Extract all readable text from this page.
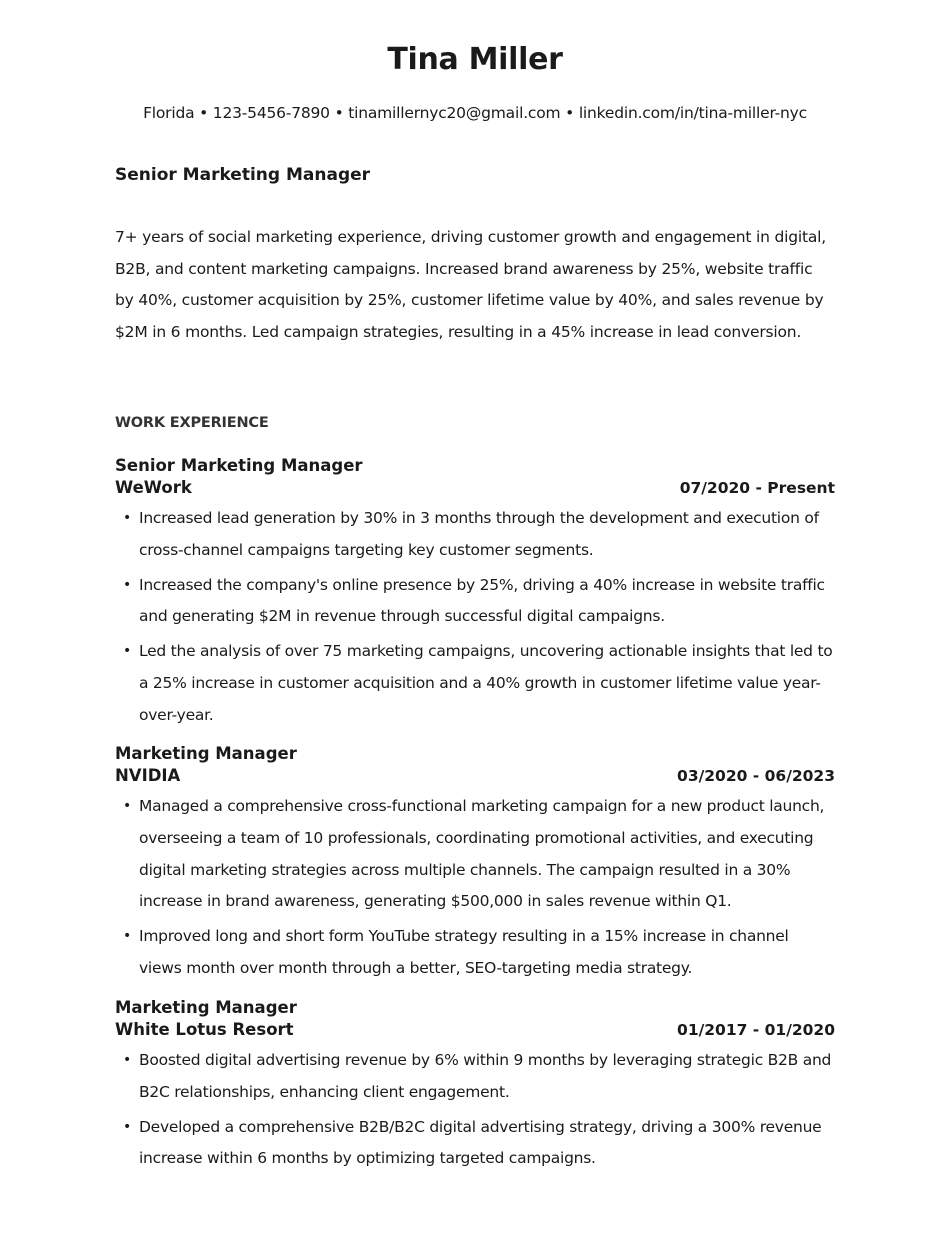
Tina Miller
Florida • 123-5456-7890 • tinamillernyc20@gmail.com • linkedin.com/in/tina-miller-nyc
Senior Marketing Manager

7+ years of social marketing experience, driving customer growth and engagement in digital, B2B, and content marketing campaigns. Increased brand awareness by 25%, website traffic by 40%, customer acquisition by 25%, customer lifetime value by 40%, and sales revenue by $2M in 6 months. Led campaign strategies, resulting in a 45% increase in lead conversion.

WORK EXPERIENCE
Senior Marketing Manager
WeWork	07/2020 - Present
• Increased lead generation by 30% in 3 months through the development and execution of cross-channel campaigns targeting key customer segments.
• Increased the company's online presence by 25%, driving a 40% increase in website traffic and generating $2M in revenue through successful digital campaigns.
• Led the analysis of over 75 marketing campaigns, uncovering actionable insights that led to a 25% increase in customer acquisition and a 40% growth in customer lifetime value year-over-year.
Marketing Manager
NVIDIA	03/2020 - 06/2023
• Managed a comprehensive cross-functional marketing campaign for a new product launch, overseeing a team of 10 professionals, coordinating promotional activities, and executing digital marketing strategies across multiple channels. The campaign resulted in a 30% increase in brand awareness, generating $500,000 in sales revenue within Q1.
• Improved long and short form YouTube strategy resulting in a 15% increase in channel views month over month through a better, SEO-targeting media strategy.
Marketing Manager
White Lotus Resort	01/2017 - 01/2020
• Boosted digital advertising revenue by 6% within 9 months by leveraging strategic B2B and B2C relationships, enhancing client engagement.
• Developed a comprehensive B2B/B2C digital advertising strategy, driving a 300% revenue increase within 6 months by optimizing targeted campaigns.
